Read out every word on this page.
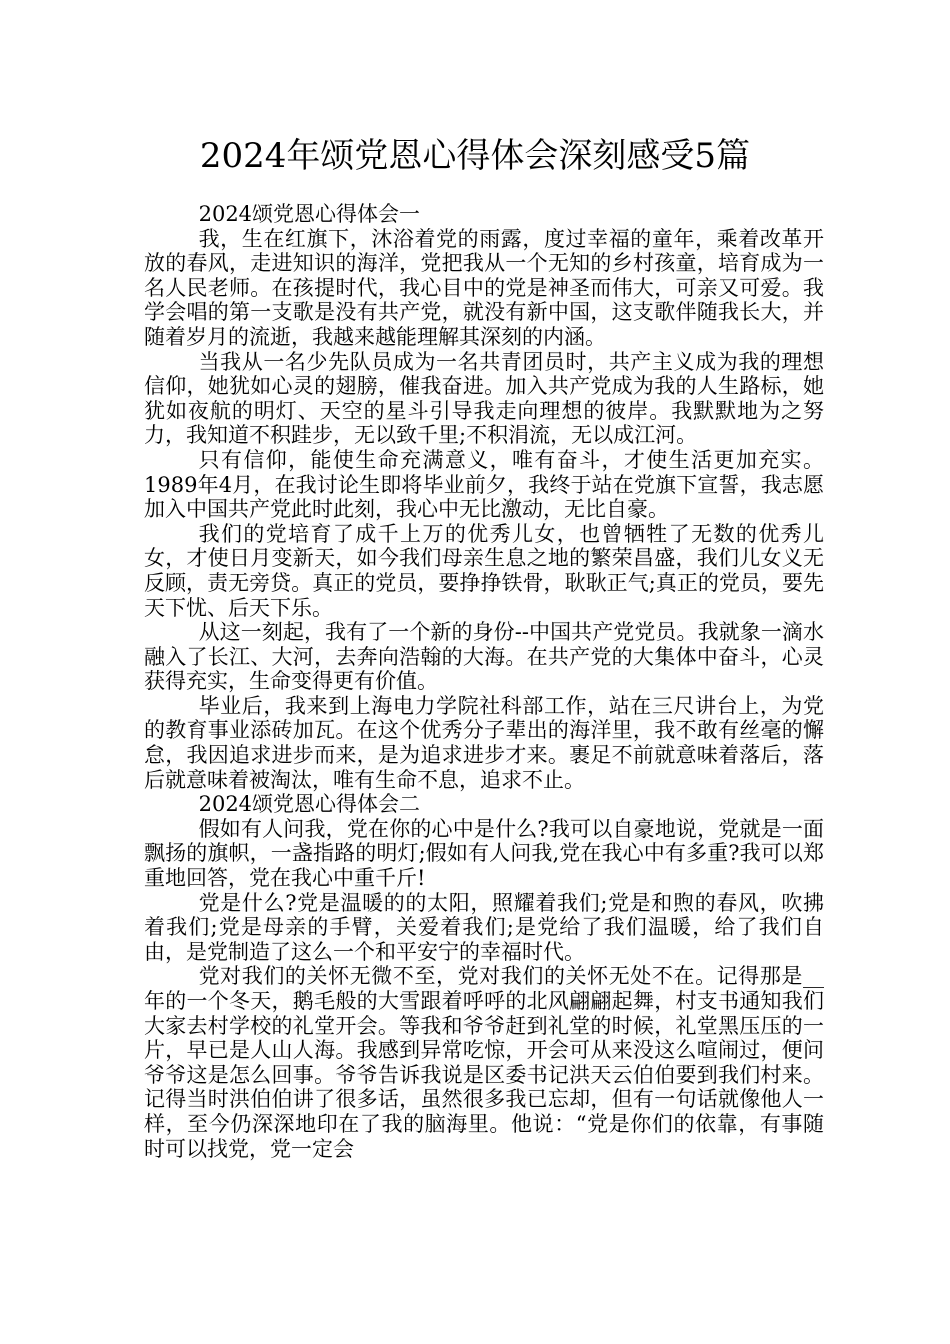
2024年颂党恩心得体会深刻感受5篇

2024颂党恩心得体会一

我，生在红旗下，沐浴着党的雨露，度过幸福的童年，乘着改革开放的春风，走进知识的海洋，党把我从一个无知的乡村孩童，培育成为一名人民老师。在孩提时代，我心目中的党是神圣而伟大，可亲又可爱。我学会唱的第一支歌是没有共产党，就没有新中国，这支歌伴随我长大，并随着岁月的流逝，我越来越能理解其深刻的内涵。

当我从一名少先队员成为一名共青团员时，共产主义成为我的理想信仰，她犹如心灵的翅膀，催我奋进。加入共产党成为我的人生路标，她犹如夜航的明灯、天空的星斗引导我走向理想的彼岸。我默默地为之努力，我知道不积跬步，无以致千里;不积涓流，无以成江河。

只有信仰，能使生命充满意义，唯有奋斗，才使生活更加充实。1989年4月，在我讨论生即将毕业前夕，我终于站在党旗下宣誓，我志愿加入中国共产党此时此刻，我心中无比激动，无比自豪。

我们的党培育了成千上万的优秀儿女，也曾牺牲了无数的优秀儿女，才使日月变新天，如今我们母亲生息之地的繁荣昌盛，我们儿女义无反顾，责无旁贷。真正的党员，要挣挣铁骨，耿耿正气;真正的党员，要先天下忧、后天下乐。

从这一刻起，我有了一个新的身份--中国共产党党员。我就象一滴水融入了长江、大河，去奔向浩翰的大海。在共产党的大集体中奋斗，心灵获得充实，生命变得更有价值。

毕业后，我来到上海电力学院社科部工作，站在三尺讲台上，为党的教育事业添砖加瓦。在这个优秀分子辈出的海洋里，我不敢有丝毫的懈怠，我因追求进步而来，是为追求进步才来。裹足不前就意味着落后，落后就意味着被淘汰，唯有生命不息，追求不止。

2024颂党恩心得体会二

假如有人问我，党在你的心中是什么?我可以自豪地说，党就是一面飘扬的旗帜，一盏指路的明灯;假如有人问我,党在我心中有多重?我可以郑重地回答，党在我心中重千斤!

党是什么?党是温暖的的太阳，照耀着我们;党是和煦的春风，吹拂着我们;党是母亲的手臂，关爱着我们;是党给了我们温暖，给了我们自由，是党制造了这么一个和平安宁的幸福时代。

党对我们的关怀无微不至，党对我们的关怀无处不在。记得那是__年的一个冬天，鹅毛般的大雪跟着呼呼的北风翩翩起舞，村支书通知我们大家去村学校的礼堂开会。等我和爷爷赶到礼堂的时候，礼堂黑压压的一片，早已是人山人海。我感到异常吃惊，开会可从来没这么喧闹过，便问爷爷这是怎么回事。爷爷告诉我说是区委书记洪天云伯伯要到我们村来。记得当时洪伯伯讲了很多话，虽然很多我已忘却，但有一句话就像他人一样，至今仍深深地印在了我的脑海里。他说：“党是你们的依靠，有事随时可以找党，党一定会
